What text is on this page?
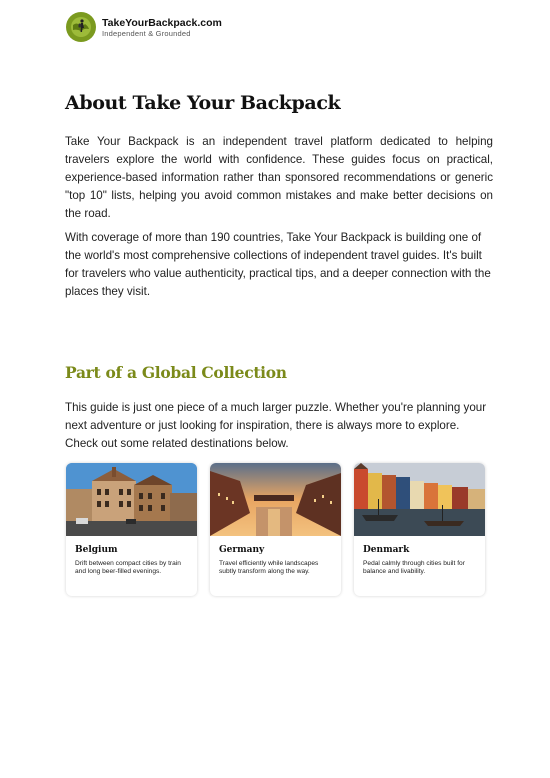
TakeYourBackpack.com
Independent & Grounded
About Take Your Backpack

Take Your Backpack is an independent travel platform dedicated to helping travelers explore the world with confidence. These guides focus on practical, experience-based information rather than sponsored recommendations or generic "top 10" lists, helping you avoid common mistakes and make better decisions on the road.

With coverage of more than 190 countries, Take Your Backpack is building one of the world's most comprehensive collections of independent travel guides. It's built for travelers who value authenticity, practical tips, and a deeper connection with the places they visit.

Part of a Global Collection

This guide is just one piece of a much larger puzzle. Whether you're planning your next adventure or just looking for inspiration, there is always more to explore. Check out some related destinations below.

Belgium

Drift between compact cities by train and long beer-filled evenings.

Germany

Travel efficiently while landscapes subtly transform along the way.

Denmark

Pedal calmly through cities built for balance and livability.
